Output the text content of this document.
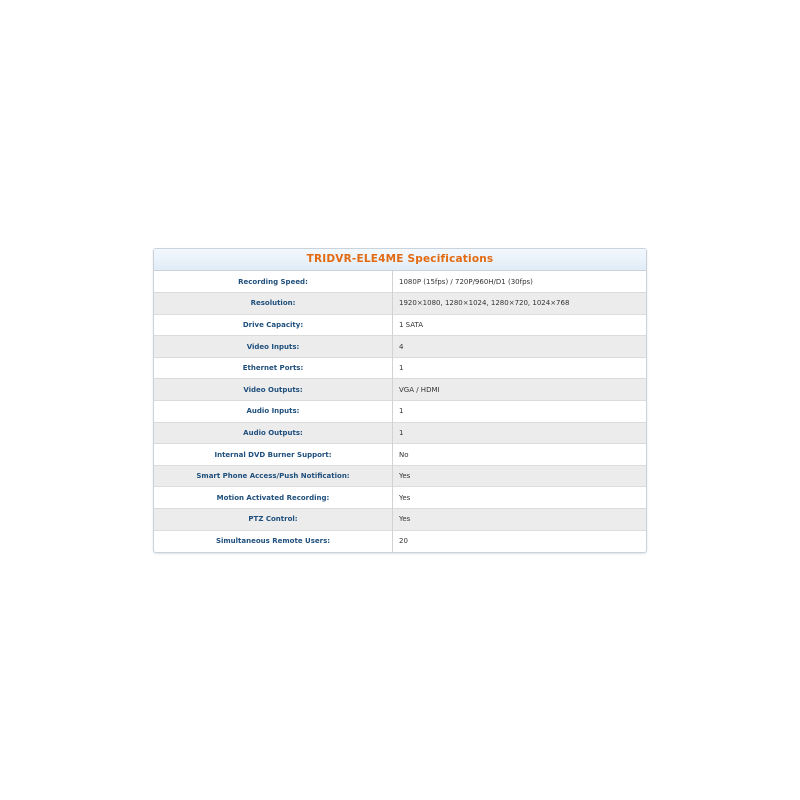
TRIDVR-ELE4ME Specifications
Recording Speed:	1080P (15fps) / 720P/960H/D1 (30fps)
Resolution:	1920×1080, 1280×1024, 1280×720, 1024×768
Drive Capacity:	1 SATA
Video Inputs:	4
Ethernet Ports:	1
Video Outputs:	VGA / HDMI
Audio Inputs:	1
Audio Outputs:	1
Internal DVD Burner Support:	No
Smart Phone Access/Push Notification:	Yes
Motion Activated Recording:	Yes
PTZ Control:	Yes
Simultaneous Remote Users:	20
